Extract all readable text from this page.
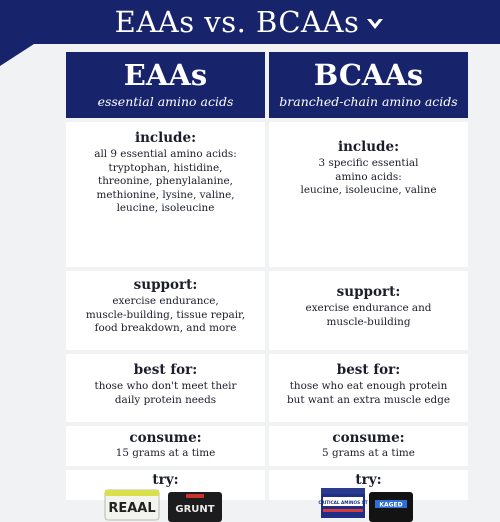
EAAs vs. BCAAs
EAAs
essential amino acids
include:
all 9 essential amino acids:
tryptophan, histidine,
threonine, phenylalanine,
methionine, lysine, valine,
leucine, isoleucine
support:
exercise endurance,
muscle-building, tissue repair,
food breakdown, and more
best for:
those who don't meet their
daily protein needs
consume:
15 grams at a time
try:
REAAL GRUNT
BCAAs
branched-chain amino acids
include:
3 specific essential
amino acids:
leucine, isoleucine, valine
support:
exercise endurance and
muscle-building
best for:
those who eat enough protein
but want an extra muscle edge
consume:
5 grams at a time
try:
CRITICAL AMINOS XT KAGED
